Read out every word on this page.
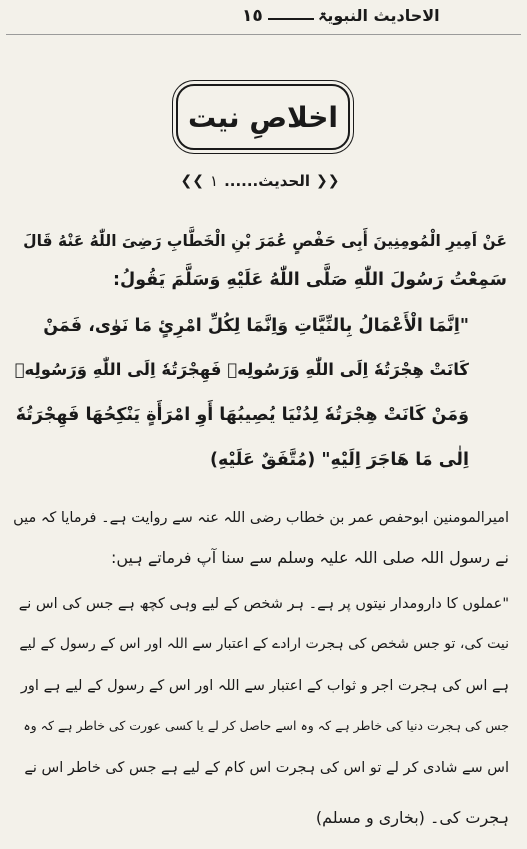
١٥	الاحادیث النبویۃ
اخلاصِ نیت
❮❮
الحدیث......
١
❯❯
عَنْ اَمِیرِ الْمُومِنِینَ أَبِی حَفْصٍ عُمَرَ بْنِ الْخَطَّابِ رَضِیَ اللّٰهُ عَنْهُ قَالَ
سَمِعْتُ رَسُولَ اللّٰهِ صَلَّى اللّٰهُ عَلَيْهِ وَسَلَّمَ يَقُولُ:
"اِنَّمَا الْأَعْمَالُ بِالنِّيَّاتِ وَاِنَّمَا لِكُلِّ امْرِئٍ مَا نَوٰى، فَمَنْ
كَانَتْ هِجْرَتُهٗ اِلَى اللّٰهِ وَرَسُولِهٖ فَهِجْرَتُهٗ اِلَى اللّٰهِ وَرَسُولِهٖ
وَمَنْ كَانَتْ هِجْرَتُهٗ لِدُنْيَا يُصِيبُهَا أَوِ امْرَأَةٍ يَنْكِحُهَا فَهِجْرَتُهٗ
اِلٰى مَا هَاجَرَ اِلَيْهِ" (مُتَّفَقٌ عَلَيْهِ)
امیرالمومنین ابوحفص عمر بن خطاب رضی اللہ عنہ سے روایت ہے۔ فرمایا کہ میں
نے رسول اللہ صلی اللہ علیہ وسلم سے سنا آپ فرماتے ہیں:
"عملوں کا دارومدار نیتوں پر ہے۔ ہر شخص کے لیے وہی کچھ ہے جس کی اس نے
نیت کی، تو جس شخص کی ہجرت ارادے کے اعتبار سے اللہ اور اس کے رسول کے لیے
ہے اس کی ہجرت اجر و ثواب کے اعتبار سے اللہ اور اس کے رسول کے لیے ہے اور
جس کی ہجرت دنیا کی خاطر ہے کہ وہ اسے حاصل کر لے یا کسی عورت کی خاطر ہے کہ وہ
اس سے شادی کر لے تو اس کی ہجرت اس کام کے لیے ہے جس کی خاطر اس نے
ہجرت کی۔ (بخاری و مسلم)
